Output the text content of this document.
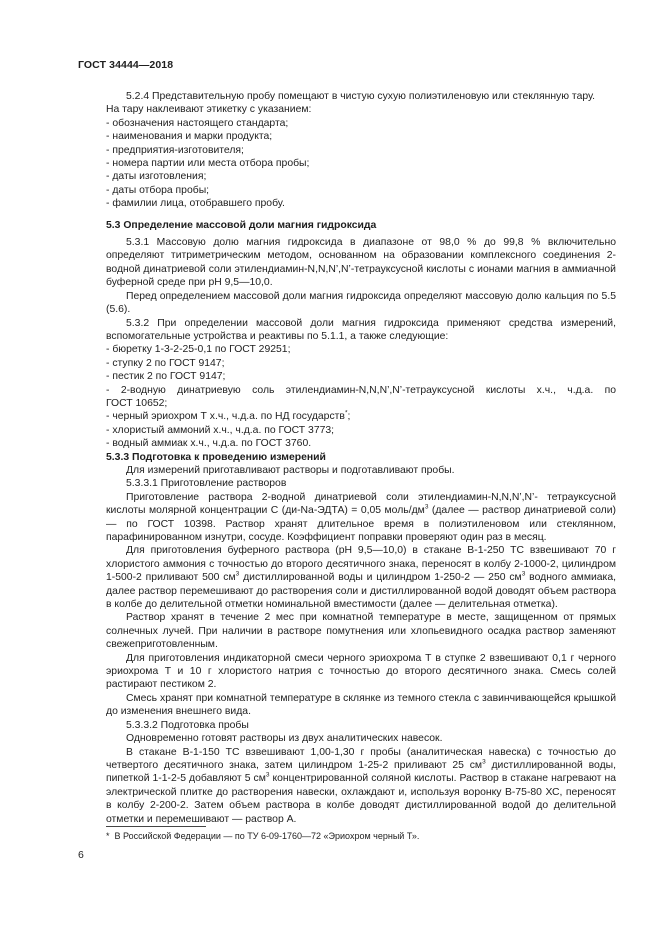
ГОСТ 34444—2018

5.2.4 Представительную пробу помещают в чистую сухую полиэтиленовую или стеклянную тару.

На тару наклеивают этикетку с указанием:

- обозначения настоящего стандарта;

- наименования и марки продукта;

- предприятия-изготовителя;

- номера партии или места отбора пробы;

- даты изготовления;

- даты отбора пробы;

- фамилии лица, отобравшего пробу.

5.3 Определение массовой доли магния гидроксида

5.3.1 Массовую долю магния гидроксида в диапазоне от 98,0 % до 99,8 % включительно определяют титриметрическим методом, основанном на образовании комплексного соединения 2-водной динатриевой соли этилендиамин-N,N,N’,N’-тетрауксусной кислоты с ионами магния в аммиачной буферной среде при рН 9,5—10,0.

Перед определением массовой доли магния гидроксида определяют массовую долю кальция по 5.5 (5.6).

5.3.2 При определении массовой доли магния гидроксида применяют средства измерений, вспомогательные устройства и реактивы по 5.1.1, а также следующие:

- бюретку 1-3-2-25-0,1 по ГОСТ 29251;

- ступку 2 по ГОСТ 9147;

- пестик 2 по ГОСТ 9147;

- 2-водную динатриевую соль этилендиамин-N,N,N’,N’-тетрауксусной кислоты х.ч., ч.д.а. по

ГОСТ 10652;

- черный эриохром Т х.ч., ч.д.а. по НД государств*;

- хлористый аммоний х.ч., ч.д.а. по ГОСТ 3773;

- водный аммиак х.ч., ч.д.а. по ГОСТ 3760.

5.3.3 Подготовка к проведению измерений

Для измерений приготавливают растворы и подготавливают пробы.

5.3.3.1 Приготовление растворов

Приготовление раствора 2-водной динатриевой соли этилендиамин-N,N,N’,N’- тетрауксусной кислоты молярной концентрации С (ди-Na-ЭДТА) = 0,05 моль/$дм^3$ (далее — раствор динатриевой соли) — по ГОСТ 10398. Раствор хранят длительное время в полиэтиленовом или стеклянном, парафинированном изнутри, сосуде. Коэффициент поправки проверяют один раз в месяц.

Для приготовления буферного раствора (рН 9,5—10,0) в стакане В-1-250 ТС взвешивают 70 г хлористого аммония с точностью до второго десятичного знака, переносят в колбу 2-1000-2, цилиндром 1-500-2 приливают 500 $см^3$ дистиллированной воды и цилиндром 1-250-2 — 250 $см^3$ водного аммиака, далее раствор перемешивают до растворения соли и дистиллированной водой доводят объем раствора в колбе до делительной отметки номинальной вместимости (далее — делительная отметка).

Раствор хранят в течение 2 мес при комнатной температуре в месте, защищенном от прямых солнечных лучей. При наличии в растворе помутнения или хлопьевидного осадка раствор заменяют свежеприготовленным.

Для приготовления индикаторной смеси черного эриохрома Т в ступке 2 взвешивают 0,1 г черного эриохрома Т и 10 г хлористого натрия с точностью до второго десятичного знака. Смесь солей растирают пестиком 2.

Смесь хранят при комнатной температуре в склянке из темного стекла с завинчивающейся крышкой до изменения внешнего вида.

5.3.3.2 Подготовка пробы

Одновременно готовят растворы из двух аналитических навесок.

В стакане В-1-150 ТС взвешивают 1,00-1,30 г пробы (аналитическая навеска) с точностью до четвертого десятичного знака, затем цилиндром 1-25-2 приливают 25 $см^3$ дистиллированной воды, пипеткой 1-1-2-5 добавляют 5 $см^3$ концентрированной соляной кислоты. Раствор в стакане нагревают на электрической плитке до растворения навески, охлаждают и, используя воронку В-75-80 ХС, переносят в колбу 2-200-2. Затем объем раствора в колбе доводят дистиллированной водой до делительной отметки и перемешивают — раствор А.

* В Российской Федерации — по ТУ 6-09-1760—72 «Эриохром черный Т».
6
